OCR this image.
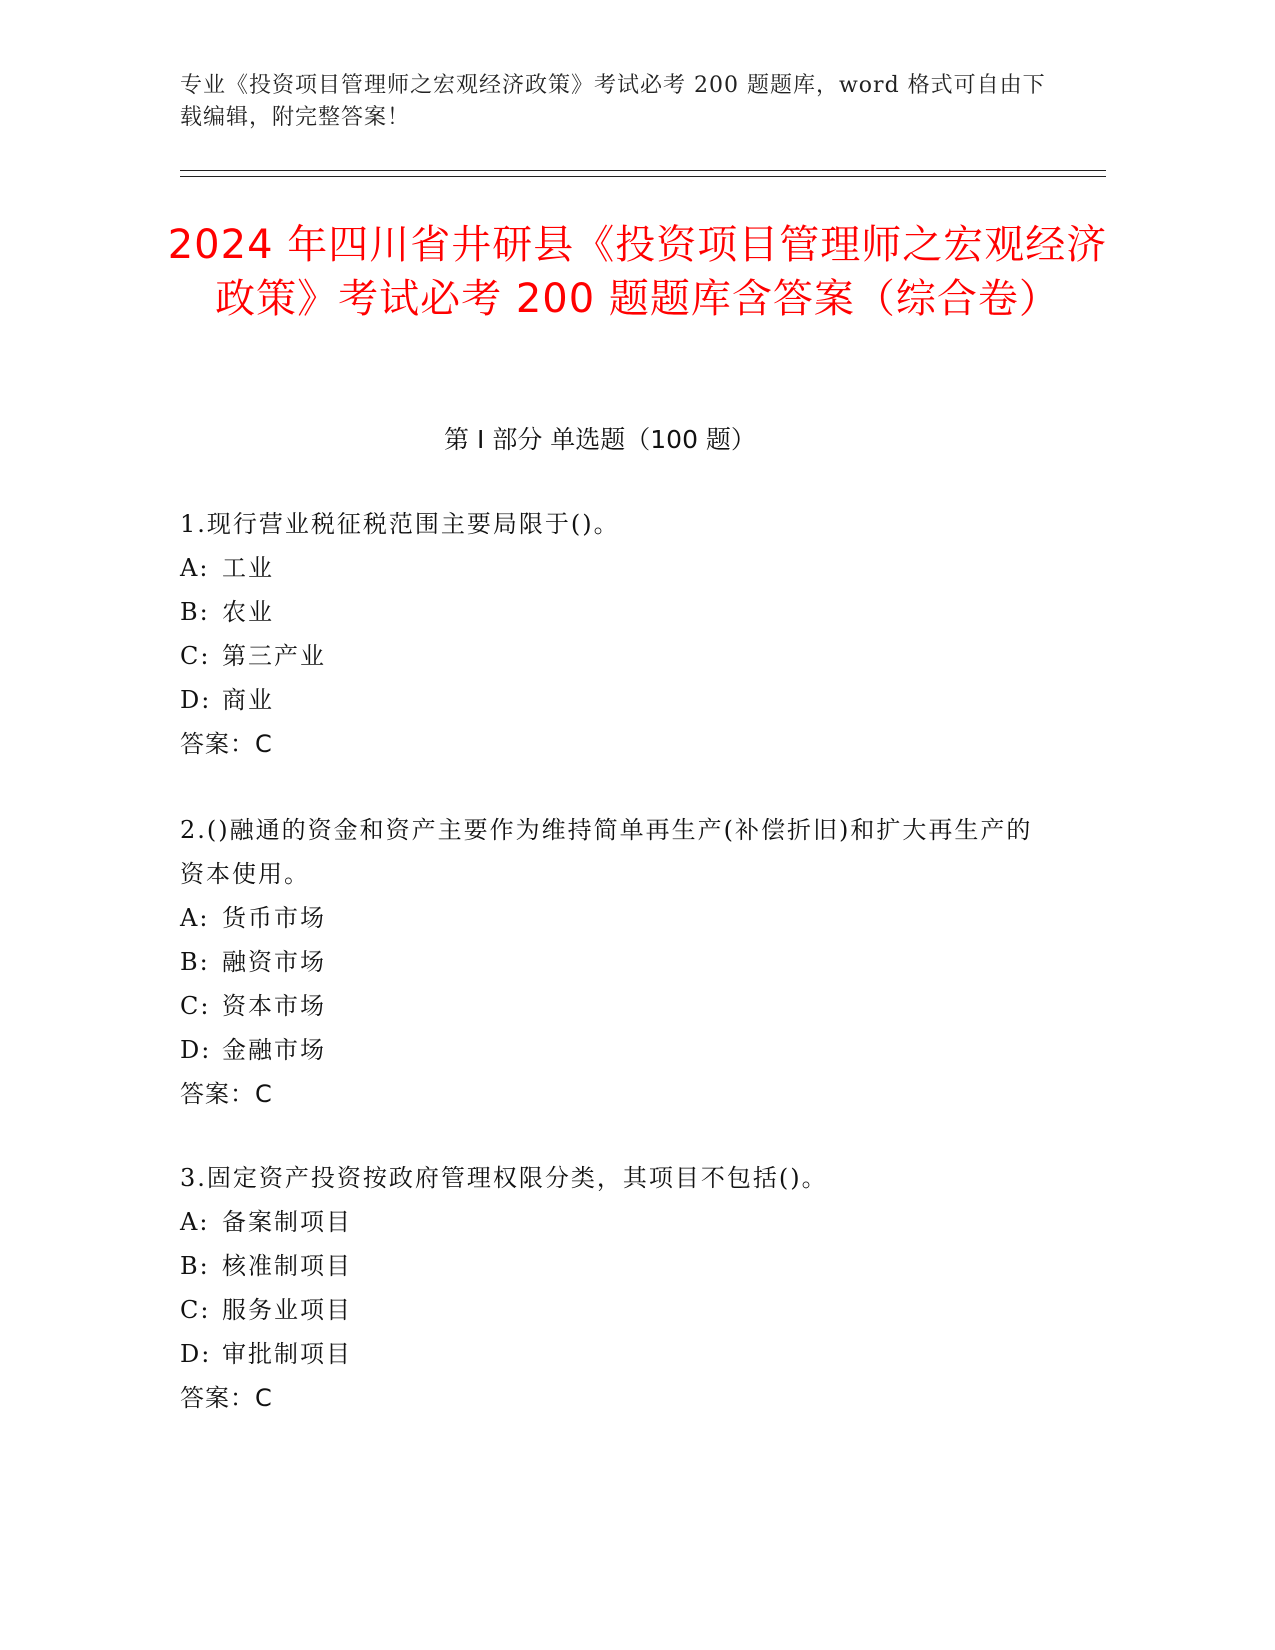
专业《投资项目管理师之宏观经济政策》考试必考 200 题题库，word 格式可自由下载编辑，附完整答案！
2024 年四川省井研县《投资项目管理师之宏观经济政策》考试必考 200 题题库含答案（综合卷）
第 I 部分 单选题（100 题）
1.现行营业税征税范围主要局限于()。
A: 工业
B: 农业
C: 第三产业
D: 商业
答案：C
2.()融通的资金和资产主要作为维持简单再生产(补偿折旧)和扩大再生产的资本使用。
A: 货币市场
B: 融资市场
C: 资本市场
D: 金融市场
答案：C
3.固定资产投资按政府管理权限分类，其项目不包括()。
A: 备案制项目
B: 核准制项目
C: 服务业项目
D: 审批制项目
答案：C
